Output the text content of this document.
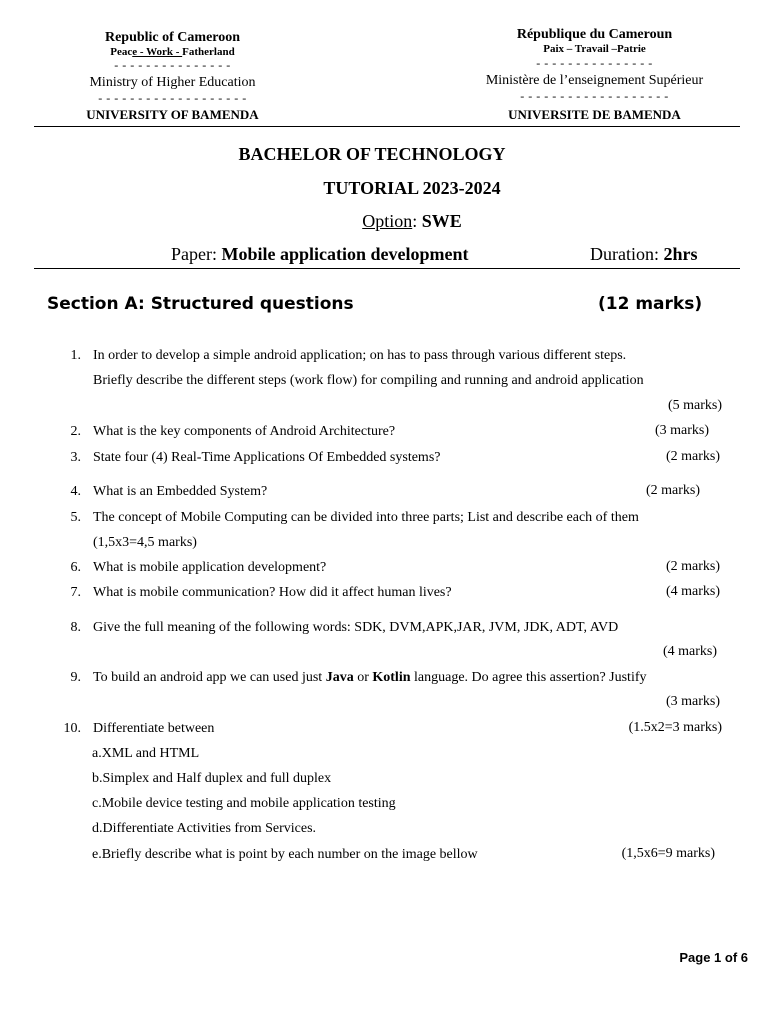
Republic of Cameroon
Peace - Work - Fatherland
- - - - - - - - - - - - - - -
Ministry of Higher Education
- - - - - - - - - - - - - - - - - - -
UNIVERSITY OF BAMENDA
République du Cameroun
Paix – Travail –Patrie
- - - - - - - - - - - - - - -
Ministère de l’enseignement Supérieur
- - - - - - - - - - - - - - - - - - -
UNIVERSITE DE BAMENDA
BACHELOR OF TECHNOLOGY
TUTORIAL 2023-2024
Option: SWE
Paper: Mobile application development	Duration: 2hrs
Section A: Structured questions	(12 marks)
1. In order to develop a simple android application; on has to pass through various different steps.
Briefly describe the different steps (work flow) for compiling and running and android application
(5 marks)
2. What is the key components of Android Architecture?	(3 marks)
3. State four (4) Real-Time Applications Of Embedded systems?	(2 marks)
4. What is an Embedded System?	(2 marks)
5. The concept of Mobile Computing can be divided into three parts; List and describe each of them
(1,5x3=4,5 marks)
6. What is mobile application development?	(2 marks)
7. What is mobile communication? How did it affect human lives?	(4 marks)
8. Give the full meaning of the following words: SDK, DVM,APK,JAR, JVM, JDK, ADT, AVD
(4 marks)
9. To build an android app we can used just Java or Kotlin language. Do agree this assertion? Justify
(3 marks)
10. Differentiate between	(1.5x2=3 marks)
a.XML and HTML
b.Simplex and Half duplex and full duplex
c.Mobile device testing and mobile application testing
d.Differentiate Activities from Services.
e.Briefly describe what is point by each number on the image bellow	(1,5x6=9 marks)
Page 1 of 6
